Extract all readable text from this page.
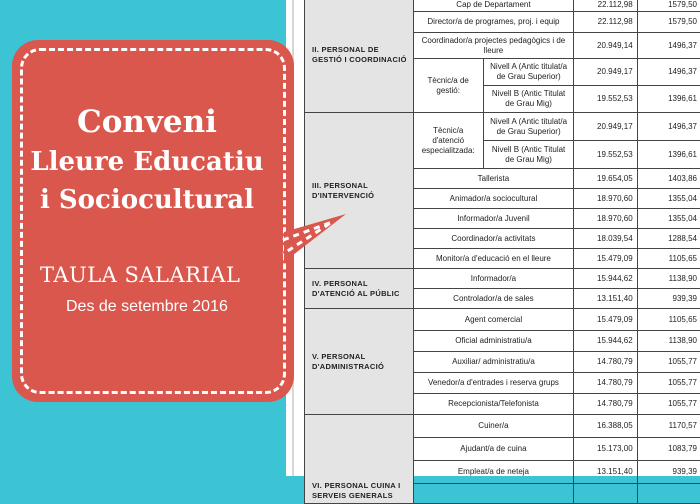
II. PERSONAL DE GESTIÓ I COORDINACIÓ	Cap de Departament		22.112,98	1579,50
	Director/a de programes, proj. i equip		22.112,98	1579,50
	Coordinador/a projectes pedagògics i de lleure		20.949,14	1496,37
	Tècnic/a de gestió:	Nivell A (Antic titulat/a de Grau Superior)	20.949,17	1496,37
		Nivell B (Antic Titulat de Grau Mig)	19.552,53	1396,61
III. PERSONAL D'INTERVENCIÓ	Tècnic/a d'atenció especialitzada:	Nivell A (Antic titulat/a de Grau Superior)	20.949,17	1496,37
		Nivell B (Antic Titulat de Grau Mig)	19.552,53	1396,61
	Tallerista		19.654,05	1403,86
	Animador/a sociocultural		18.970,60	1355,04
	Informador/a Juvenil		18.970,60	1355,04
	Coordinador/a activitats		18.039,54	1288,54
	Monitor/a d'educació en el lleure		15.479,09	1105,65
IV. PERSONAL D'ATENCIÓ AL PÚBLIC	Informador/a		15.944,62	1138,90
	Controlador/a de sales		13.151,40	939,39
V. PERSONAL D'ADMINISTRACIÓ	Agent comercial		15.479,09	1105,65
	Oficial administratiu/a		15.944,62	1138,90
	Auxiliar/ administratiu/a		14.780,79	1055,77
	Venedor/a d'entrades i reserva grups		14.780,79	1055,77
	Recepcionista/Telefonista		14.780,79	1055,77
VI. PERSONAL CUINA I SERVEIS GENERALS	Cuiner/a		16.388,05	1170,57
	Ajudant/a de cuina		15.173,00	1083,79
	Empleat/a de neteja		13.151,40	939,39

Conveni
Lleure Educatiu
i Sociocultural
TAULA SALARIAL
Des de setembre 2016
